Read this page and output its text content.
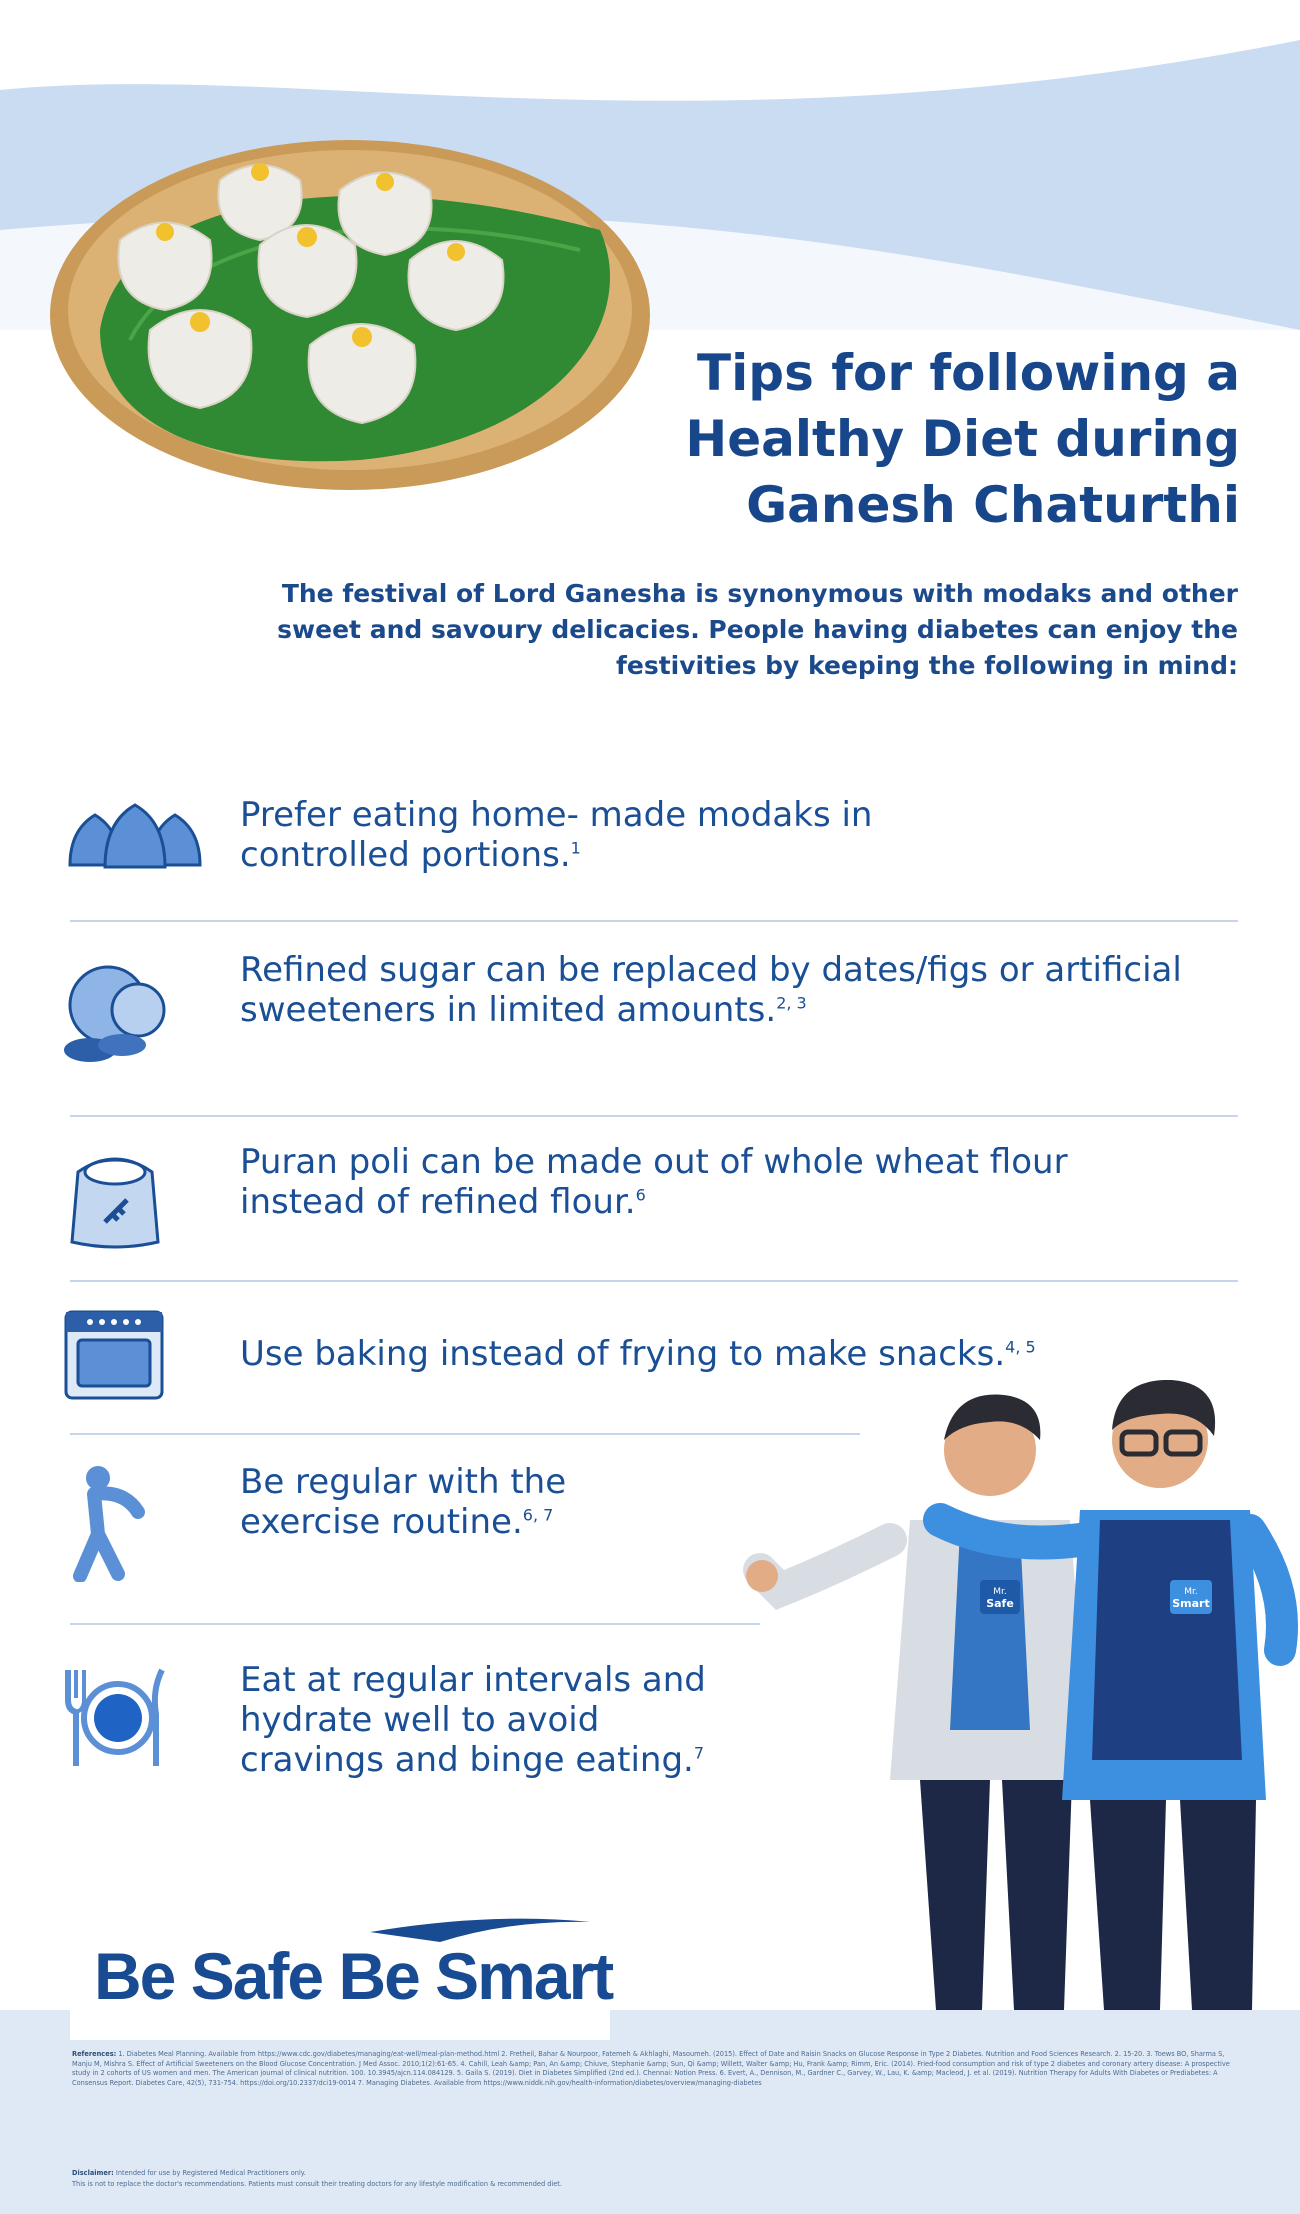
Tips for following a
Healthy Diet during
Ganesh Chaturthi
The festival of Lord Ganesha is synonymous with modaks and other
sweet and savoury delicacies. People having diabetes can enjoy the
festivities by keeping the following in mind:
Prefer eating home- made modaks in
controlled portions.$^1$
Refined sugar can be replaced by dates/figs or artificial
sweeteners in limited amounts.$^{2, 3}$
Puran poli can be made out of whole wheat flour
instead of refined flour.$^6$
Use baking instead of frying to make snacks.$^{4, 5}$
Be regular with the
exercise routine.$^{6, 7}$
Eat at regular intervals and
hydrate well to avoid
cravings and binge eating.$^7$
Mr.
Safe
Mr.
Smart
Be Safe Be Smart

References: 1. Diabetes Meal Planning. Available from https://www.cdc.gov/diabetes/managing/eat-well/meal-plan-method.html 2. Fretheil, Bahar & Nourpoor, Fatemeh & Akhlaghi, Masoumeh. (2015). Effect of Date and Raisin Snacks on Glucose Response in Type 2 Diabetes. Nutrition and Food Sciences Research. 2. 15-20. 3. Toews BO, Sharma S, Manju M, Mishra S. Effect of Artificial Sweeteners on the Blood Glucose Concentration. J Med Assoc. 2010;1(2):61-65. 4. Cahill, Leah &amp; Pan, An &amp; Chiuve, Stephanie &amp; Sun, Qi &amp; Willett, Walter &amp; Hu, Frank &amp; Rimm, Eric. (2014). Fried-food consumption and risk of type 2 diabetes and coronary artery disease: A prospective study in 2 cohorts of US women and men. The American journal of clinical nutrition. 100. 10.3945/ajcn.114.084129. 5. Gaila S. (2019). Diet in Diabetes Simplified (2nd ed.). Chennai: Notion Press. 6. Evert, A., Dennison, M., Gardner C., Garvey, W., Lau, K. &amp; Macleod, J. et al. (2019). Nutrition Therapy for Adults With Diabetes or Prediabetes: A Consensus Report. Diabetes Care, 42(5), 731-754. https://doi.org/10.2337/dci19-0014 7. Managing Diabetes. Available from https://www.niddk.nih.gov/health-information/diabetes/overview/managing-diabetes

Disclaimer: Intended for use by Registered Medical Practitioners only.
This is not to replace the doctor's recommendations. Patients must consult their treating doctors for any lifestyle modification & recommended diet.
